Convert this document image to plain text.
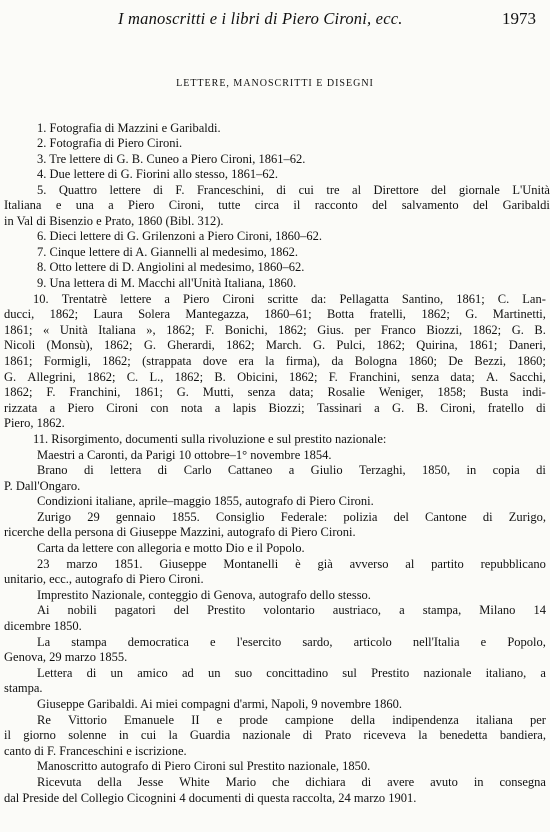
I manoscritti e i libri di Piero Cironi, ecc.	1973
LETTERE, MANOSCRITTI E DISEGNI
1. Fotografia di Mazzini e Garibaldi.
2. Fotografia di Piero Cironi.
3. Tre lettere di G. B. Cuneo a Piero Cironi, 1861–62.
4. Due lettere di G. Fiorini allo stesso, 1861–62.
5. Quattro lettere di F. Franceschini, di cui tre al Direttore del giornale L'Unità
Italiana e una a Piero Cironi, tutte circa il racconto del salvamento del Garibaldi
in Val di Bisenzio e Prato, 1860 (Bibl. 312).
6. Dieci lettere di G. Grilenzoni a Piero Cironi, 1860–62.
7. Cinque lettere di A. Giannelli al medesimo, 1862.
8. Otto lettere di D. Angiolini al medesimo, 1860–62.
9. Una lettera di M. Macchi all'Unità Italiana, 1860.
10. Trentatrè lettere a Piero Cironi scritte da: Pellagatta Santino, 1861; C. Lan-
ducci, 1862; Laura Solera Mantegazza, 1860–61; Botta fratelli, 1862; G. Martinetti,
1861; « Unità Italiana », 1862; F. Bonichi, 1862; Gius. per Franco Biozzi, 1862; G. B.
Nicoli (Monsù), 1862; G. Gherardi, 1862; March. G. Pulci, 1862; Quirina, 1861; Daneri,
1861; Formigli, 1862; (strappata dove era la firma), da Bologna 1860; De Bezzi, 1860;
G. Allegrini, 1862; C. L., 1862; B. Obicini, 1862; F. Franchini, senza data; A. Sacchi,
1862; F. Franchini, 1861; G. Mutti, senza data; Rosalie Weniger, 1858; Busta indi-
rizzata a Piero Cironi con nota a lapis Biozzi; Tassinari a G. B. Cironi, fratello di
Piero, 1862.
11. Risorgimento, documenti sulla rivoluzione e sul prestito nazionale:
Maestri a Caronti, da Parigi 10 ottobre–1° novembre 1854.
Brano di lettera di Carlo Cattaneo a Giulio Terzaghi, 1850, in copia di
P. Dall'Ongaro.
Condizioni italiane, aprile–maggio 1855, autografo di Piero Cironi.
Zurigo 29 gennaio 1855. Consiglio Federale: polizia del Cantone di Zurigo,
ricerche della persona di Giuseppe Mazzini, autografo di Piero Cironi.
Carta da lettere con allegoria e motto Dio e il Popolo.
23 marzo 1851. Giuseppe Montanelli è già avverso al partito repubblicano
unitario, ecc., autografo di Piero Cironi.
Imprestito Nazionale, conteggio di Genova, autografo dello stesso.
Ai nobili pagatori del Prestito volontario austriaco, a stampa, Milano 14
dicembre 1850.
La stampa democratica e l'esercito sardo, articolo nell'Italia e Popolo,
Genova, 29 marzo 1855.
Lettera di un amico ad un suo concittadino sul Prestito nazionale italiano, a
stampa.
Giuseppe Garibaldi. Ai miei compagni d'armi, Napoli, 9 novembre 1860.
Re Vittorio Emanuele II e prode campione della indipendenza italiana per
il giorno solenne in cui la Guardia nazionale di Prato riceveva la benedetta bandiera,
canto di F. Franceschini e iscrizione.
Manoscritto autografo di Piero Cironi sul Prestito nazionale, 1850.
Ricevuta della Jesse White Mario che dichiara di avere avuto in consegna
dal Preside del Collegio Cicognini 4 documenti di questa raccolta, 24 marzo 1901.
